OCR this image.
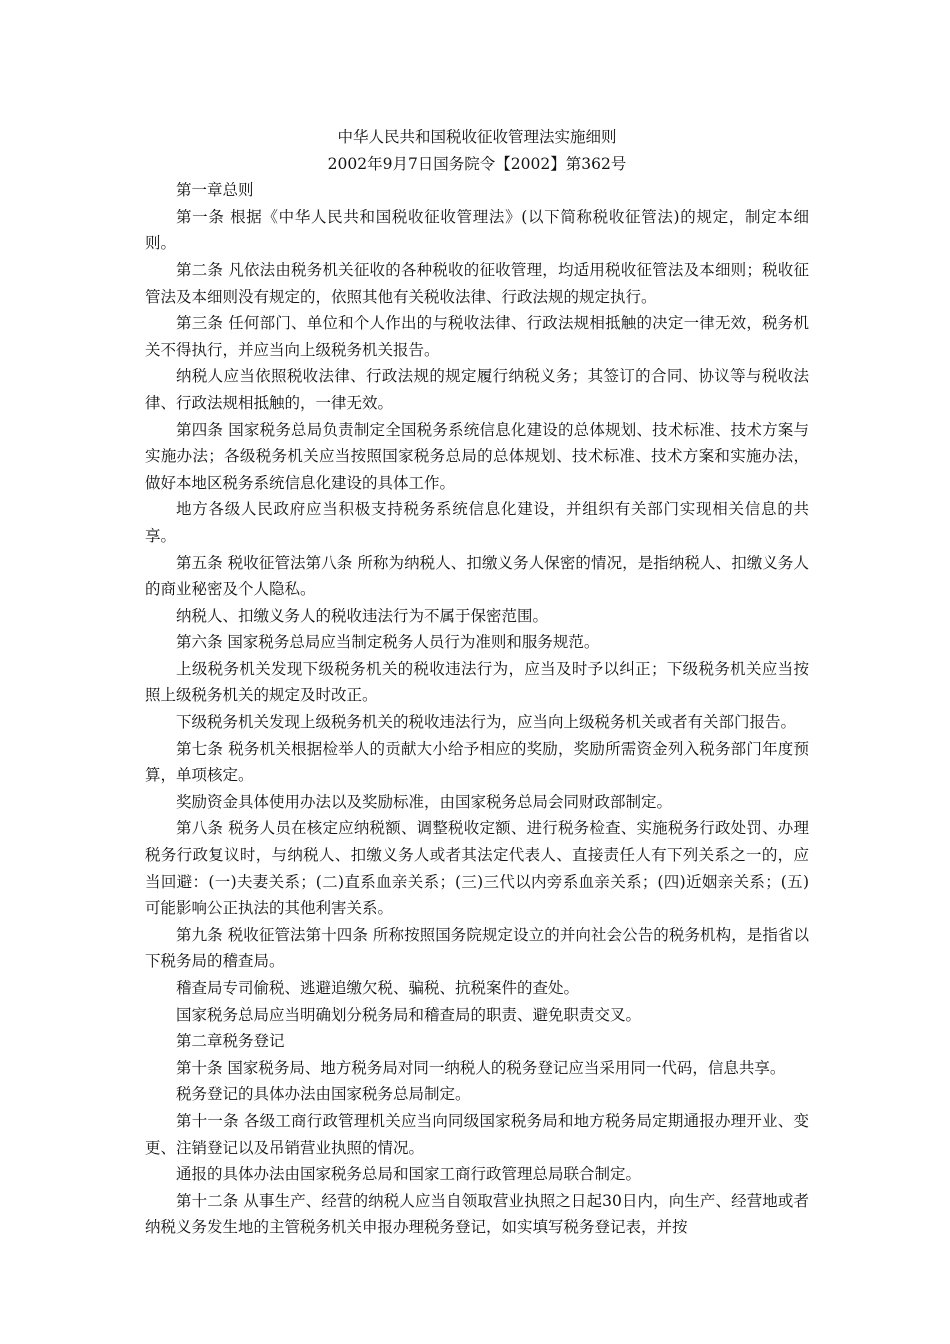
中华人民共和国税收征收管理法实施细则
2002年9月7日国务院令【2002】第362号
第一章总则
第一条 根据《中华人民共和国税收征收管理法》(以下简称税收征管法)的规定，制定本细则。
第二条 凡依法由税务机关征收的各种税收的征收管理，均适用税收征管法及本细则；税收征管法及本细则没有规定的，依照其他有关税收法律、行政法规的规定执行。
第三条 任何部门、单位和个人作出的与税收法律、行政法规相抵触的决定一律无效，税务机关不得执行，并应当向上级税务机关报告。
纳税人应当依照税收法律、行政法规的规定履行纳税义务；其签订的合同、协议等与税收法律、行政法规相抵触的，一律无效。
第四条 国家税务总局负责制定全国税务系统信息化建设的总体规划、技术标准、技术方案与实施办法；各级税务机关应当按照国家税务总局的总体规划、技术标准、技术方案和实施办法，做好本地区税务系统信息化建设的具体工作。
地方各级人民政府应当积极支持税务系统信息化建设，并组织有关部门实现相关信息的共享。
第五条 税收征管法第八条 所称为纳税人、扣缴义务人保密的情况，是指纳税人、扣缴义务人的商业秘密及个人隐私。
纳税人、扣缴义务人的税收违法行为不属于保密范围。
第六条 国家税务总局应当制定税务人员行为准则和服务规范。
上级税务机关发现下级税务机关的税收违法行为，应当及时予以纠正；下级税务机关应当按照上级税务机关的规定及时改正。
下级税务机关发现上级税务机关的税收违法行为，应当向上级税务机关或者有关部门报告。
第七条 税务机关根据检举人的贡献大小给予相应的奖励，奖励所需资金列入税务部门年度预算，单项核定。
奖励资金具体使用办法以及奖励标准，由国家税务总局会同财政部制定。
第八条 税务人员在核定应纳税额、调整税收定额、进行税务检查、实施税务行政处罚、办理税务行政复议时，与纳税人、扣缴义务人或者其法定代表人、直接责任人有下列关系之一的，应当回避：(一)夫妻关系；(二)直系血亲关系；(三)三代以内旁系血亲关系；(四)近姻亲关系；(五)可能影响公正执法的其他利害关系。
第九条 税收征管法第十四条 所称按照国务院规定设立的并向社会公告的税务机构，是指省以下税务局的稽查局。
稽查局专司偷税、逃避追缴欠税、骗税、抗税案件的查处。
国家税务总局应当明确划分税务局和稽查局的职责、避免职责交叉。
第二章税务登记
第十条 国家税务局、地方税务局对同一纳税人的税务登记应当采用同一代码，信息共享。
税务登记的具体办法由国家税务总局制定。
第十一条 各级工商行政管理机关应当向同级国家税务局和地方税务局定期通报办理开业、变更、注销登记以及吊销营业执照的情况。
通报的具体办法由国家税务总局和国家工商行政管理总局联合制定。
第十二条 从事生产、经营的纳税人应当自领取营业执照之日起30日内，向生产、经营地或者纳税义务发生地的主管税务机关申报办理税务登记，如实填写税务登记表，并按
